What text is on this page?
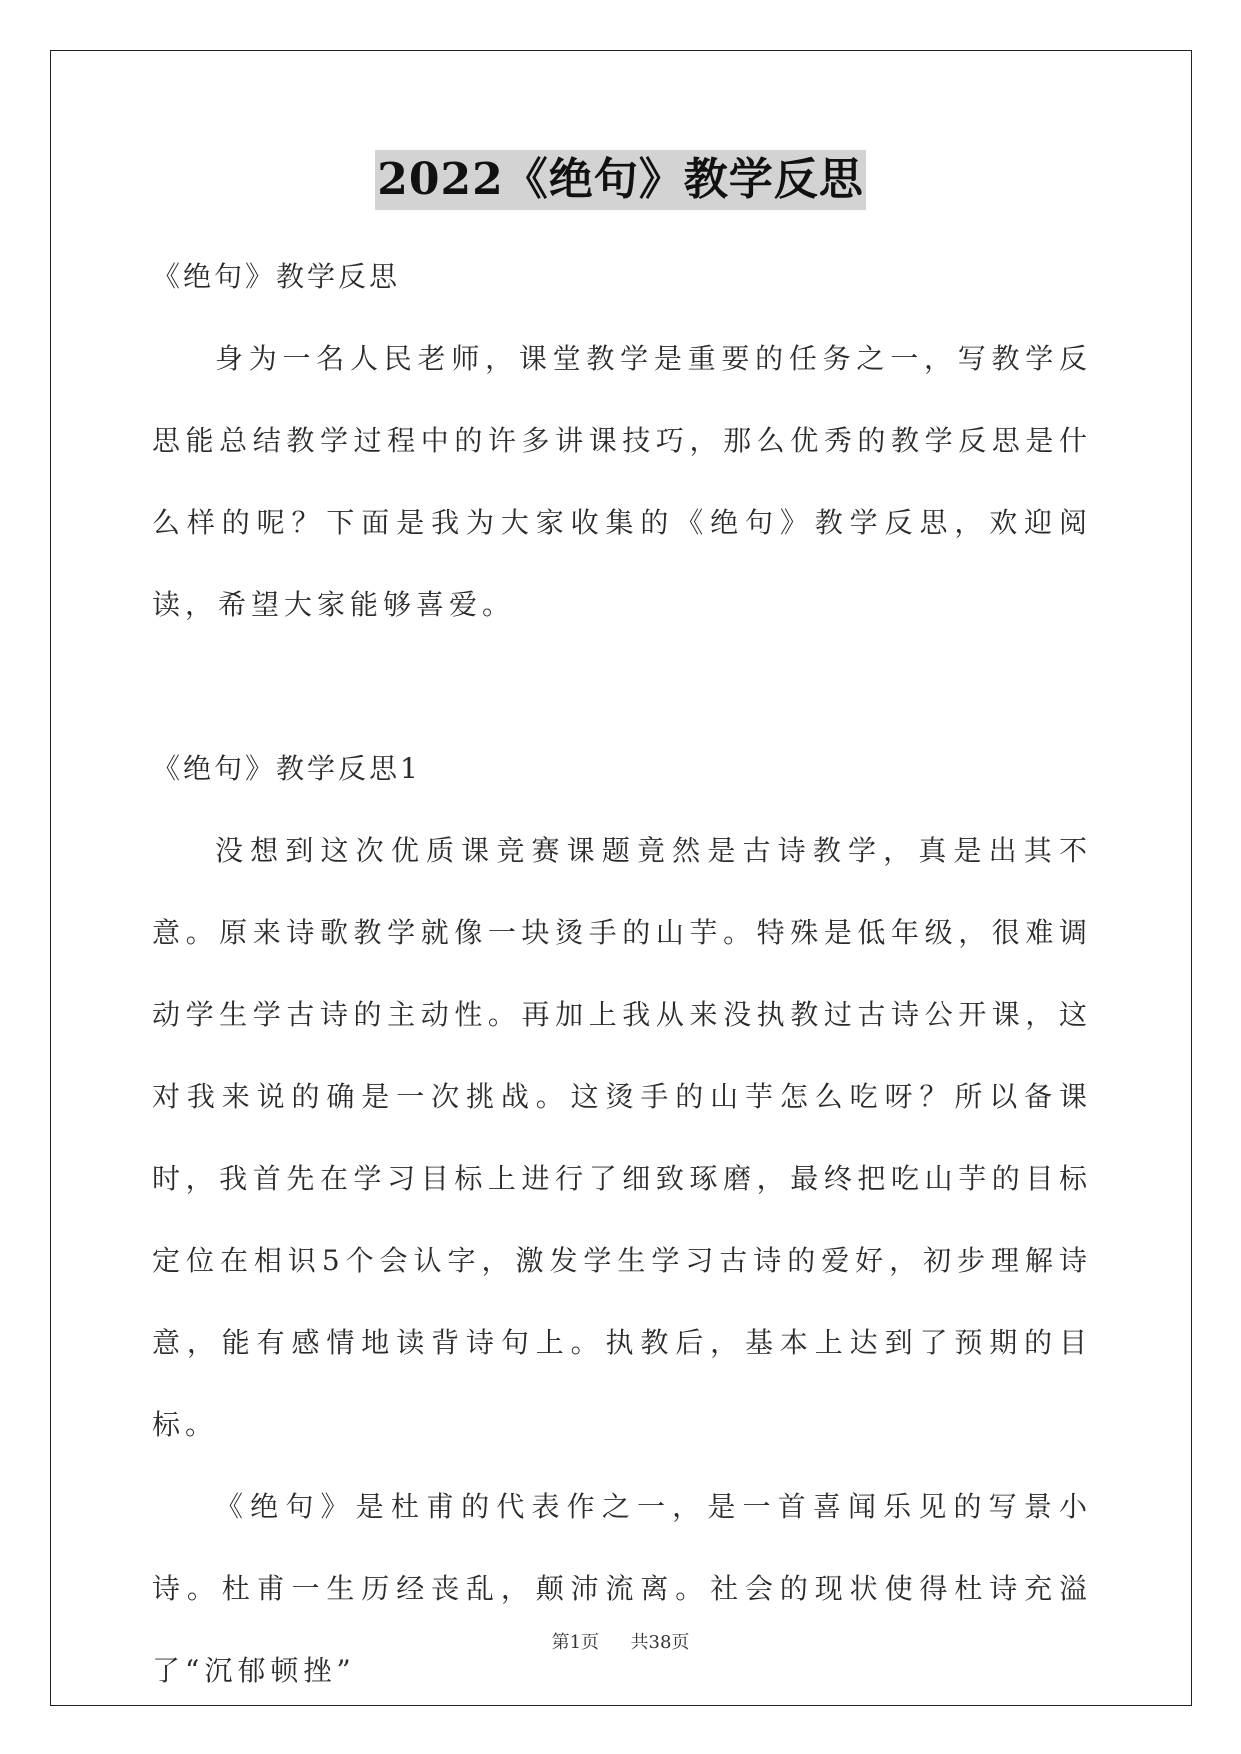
2022《绝句》教学反思

《绝句》教学反思

身为一名人民老师，课堂教学是重要的任务之一，写教学反思能总结教学过程中的许多讲课技巧，那么优秀的教学反思是什么样的呢？下面是我为大家收集的《绝句》教学反思，欢迎阅读，希望大家能够喜爱。

《绝句》教学反思1

没想到这次优质课竞赛课题竟然是古诗教学，真是出其不意。原来诗歌教学就像一块烫手的山芋。特殊是低年级，很难调动学生学古诗的主动性。再加上我从来没执教过古诗公开课，这对我来说的确是一次挑战。这烫手的山芋怎么吃呀？所以备课时，我首先在学习目标上进行了细致琢磨，最终把吃山芋的目标定位在相识5个会认字，激发学生学习古诗的爱好，初步理解诗意，能有感情地读背诗句上。执教后，基本上达到了预期的目标。

《绝句》是杜甫的代表作之一，是一首喜闻乐见的写景小诗。杜甫一生历经丧乱，颠沛流离。社会的现状使得杜诗充溢了“沉郁顿挫”

第1页 共38页
